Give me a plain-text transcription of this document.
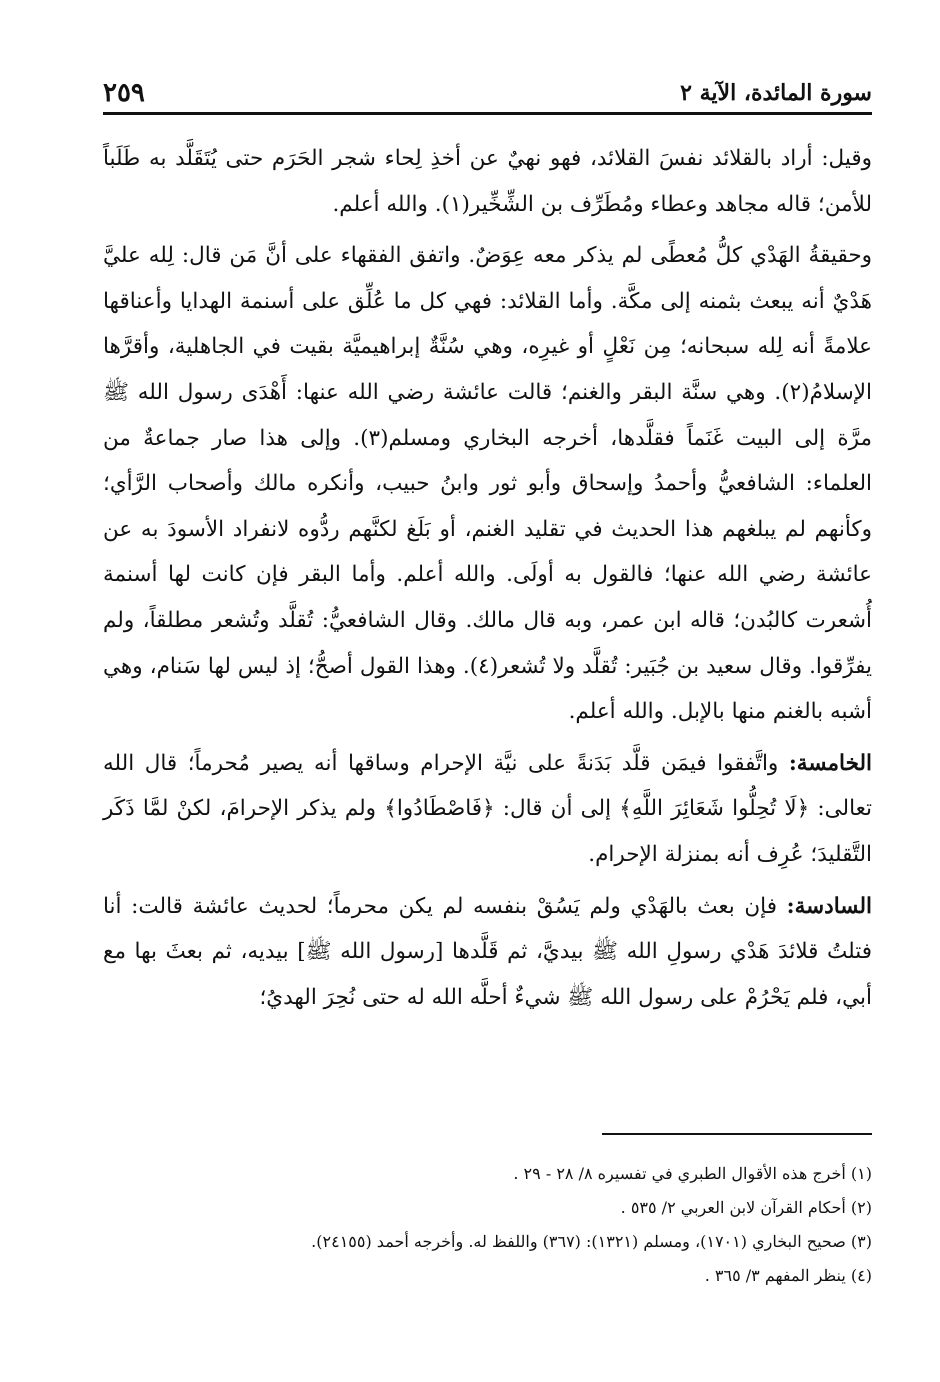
سورة المائدة، الآية ٢
٢٥٩

وقيل: أراد بالقلائد نفسَ القلائد، فهو نهيٌ عن أخذِ لِحاء شجر الحَرَم حتى يُتَقَلَّد به طَلَباً للأمن؛ قاله مجاهد وعطاء ومُطَرِّف بن الشِّخِّير(١). والله أعلم.

وحقيقةُ الهَدْي كلُّ مُعطًى لم يذكر معه عِوَضٌ. واتفق الفقهاء على أنَّ مَن قال: لِله عليَّ هَدْيٌ أنه يبعث بثمنه إلى مكَّة. وأما القلائد: فهي كل ما عُلِّق على أسنمة الهدايا وأعناقها علامةً أنه لِله سبحانه؛ مِن نَعْلٍ أو غيرِه، وهي سُنَّةٌ إبراهيميَّة بقيت في الجاهلية، وأقرَّها الإسلامُ(٢). وهي سنَّة البقر والغنم؛ قالت عائشة رضي الله عنها: أَهْدَى رسول الله ﷺ مرَّة إلى البيت غَنَماً فقلَّدها، أخرجه البخاري ومسلم(٣). وإلى هذا صار جماعةٌ من العلماء: الشافعيُّ وأحمدُ وإسحاق وأبو ثور وابنُ حبيب، وأنكره مالك وأصحاب الرَّأي؛ وكأنهم لم يبلغهم هذا الحديث في تقليد الغنم، أو بَلَغ لكنَّهم ردُّوه لانفراد الأسودَ به عن عائشة رضي الله عنها؛ فالقول به أولَى. والله أعلم. وأما البقر فإن كانت لها أسنمة أُشعرت كالبُدن؛ قاله ابن عمر، وبه قال مالك. وقال الشافعيُّ: تُقلَّد وتُشعر مطلقاً، ولم يفرِّقوا. وقال سعيد بن جُبَير: تُقلَّد ولا تُشعر(٤). وهذا القول أصحُّ؛ إذ ليس لها سَنام، وهي أشبه بالغنم منها بالإبل. والله أعلم.

الخامسة: واتَّفقوا فيمَن قلَّد بَدَنةً على نيَّة الإحرام وساقها أنه يصير مُحرماً؛ قال الله تعالى: ﴿لَا تُحِلُّوا شَعَائِرَ اللَّهِ﴾ إلى أن قال: ﴿فَاصْطَادُوا﴾ ولم يذكر الإحرامَ، لكنْ لمَّا ذَكَر التَّقليدَ؛ عُرِف أنه بمنزلة الإحرام.

السادسة: فإن بعث بالهَدْي ولم يَسُقْ بنفسه لم يكن محرماً؛ لحديث عائشة قالت: أنا فتلتُ قلائدَ هَدْي رسولِ الله ﷺ بيديَّ، ثم قَلَّدها [رسول الله ﷺ] بيديه، ثم بعثَ بها مع أبي، فلم يَحْرُمْ على رسول الله ﷺ شيءٌ أحلَّه الله له حتى نُحِرَ الهديُ؛

(١) أخرج هذه الأقوال الطبري في تفسيره ٨/ ٢٨ - ٢٩ .
(٢) أحكام القرآن لابن العربي ٢/ ٥٣٥ .
(٣) صحيح البخاري (١٧٠١)، ومسلم (١٣٢١): (٣٦٧) واللفظ له. وأخرجه أحمد (٢٤١٥٥).
(٤) ينظر المفهم ٣/ ٣٦٥ .
